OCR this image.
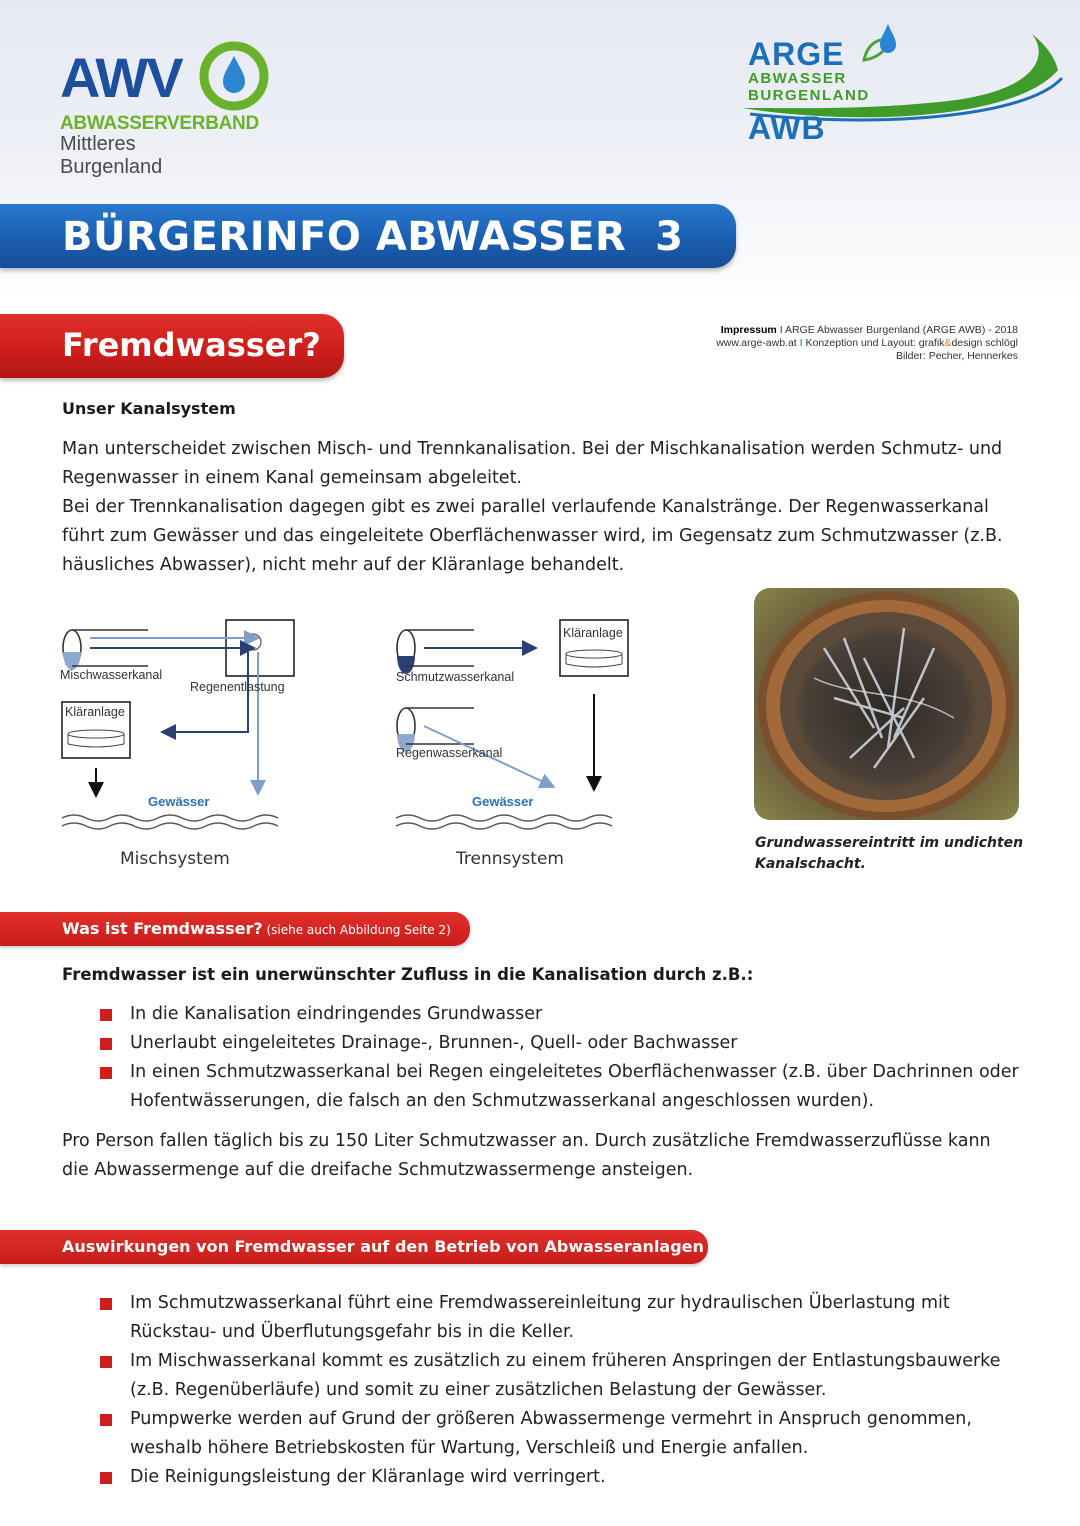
AWV
ABWASSERVERBAND
Mittleres Burgenland
ARGEAWB
ABWASSER BURGENLAND
BÜRGERINFO ABWASSER  3
Fremdwasser?	Impressum I ARGE Abwasser Burgenland (ARGE AWB) - 2018
www.arge-awb.at I Konzeption und Layout: grafik&design schlögl
Bilder: Pecher, Hennerkes
Unser Kanalsystem

Man unterscheidet zwischen Misch- und Trennkanalisation. Bei der Mischkanalisation werden Schmutz- und Regenwasser in einem Kanal gemeinsam abgeleitet.

Bei der Trennkanalisation dagegen gibt es zwei parallel verlaufende Kanalstränge. Der Regenwasserkanal führt zum Gewässer und das eingeleitete Oberflächenwasser wird, im Gegensatz zum Schmutzwasser (z.B. häusliches Abwasser), nicht mehr auf der Kläranlage behandelt.

Mischwasserkanal
Regenentlastung
Kläranlage
Gewässer
Mischsystem
Schmutzwasserkanal
Kläranlage
Regenwasserkanal
Gewässer
Trennsystem
Grundwassereintritt im undichten
Kanalschacht.
Was ist Fremdwasser? (siehe auch Abbildung Seite 2)
Fremdwasser ist ein unerwünschter Zufluss in die Kanalisation durch z.B.:
In die Kanalisation eindringendes Grundwasser
Unerlaubt eingeleitetes Drainage-, Brunnen-, Quell- oder Bachwasser
In einen Schmutzwasserkanal bei Regen eingeleitetes Oberflächenwasser (z.B. über Dachrinnen oder Hofentwässerungen, die falsch an den Schmutzwasserkanal angeschlossen wurden).

Pro Person fallen täglich bis zu 150 Liter Schmutzwasser an. Durch zusätzliche Fremdwasserzuflüsse kann die Abwassermenge auf die dreifache Schmutzwassermenge ansteigen.

Auswirkungen von Fremdwasser auf den Betrieb von Abwasseranlagen
Im Schmutzwasserkanal führt eine Fremdwassereinleitung zur hydraulischen Überlastung mit Rückstau- und Überflutungsgefahr bis in die Keller.
Im Mischwasserkanal kommt es zusätzlich zu einem früheren Anspringen der Entlastungsbauwerke (z.B. Regenüberläufe) und somit zu einer zusätzlichen Belastung der Gewässer.
Pumpwerke werden auf Grund der größeren Abwassermenge vermehrt in Anspruch genommen, weshalb höhere Betriebskosten für Wartung, Verschleiß und Energie anfallen.
Die Reinigungsleistung der Kläranlage wird verringert.
